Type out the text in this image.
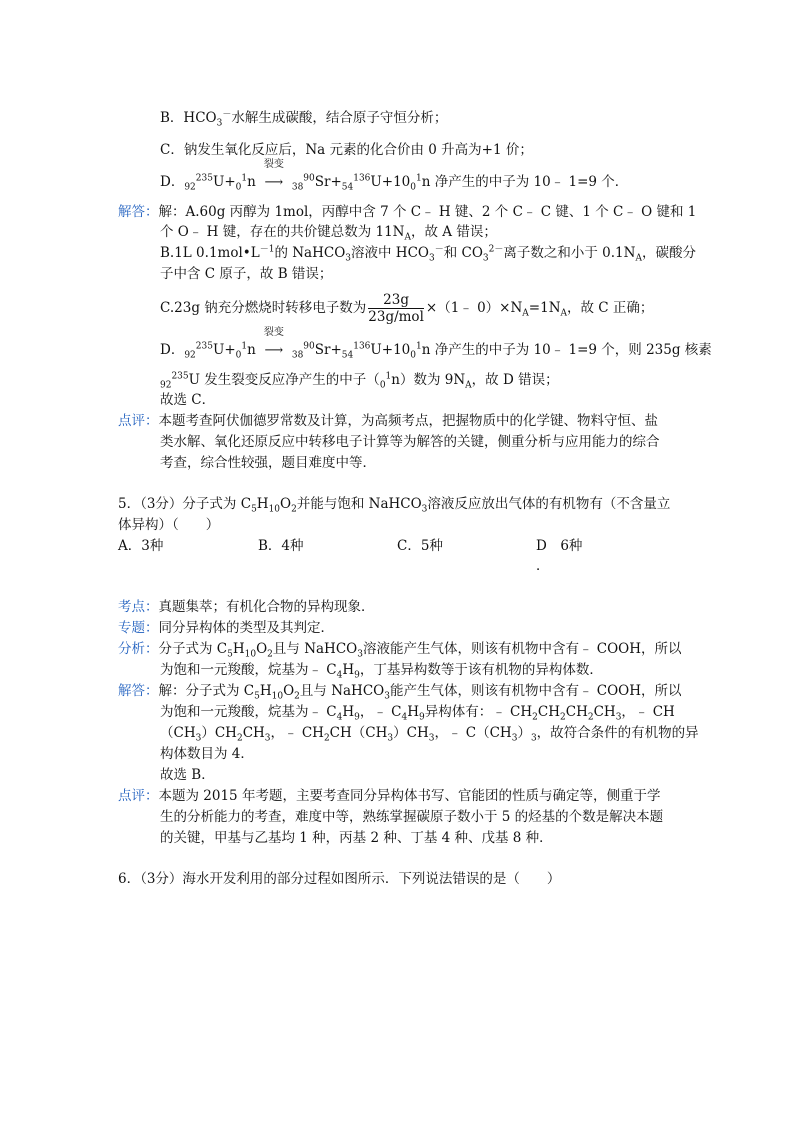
B．$HCO_3^-$水解生成碳酸，结合原子守恒分析；
C．钠发生氧化反应后，Na 元素的化合价由 0 升高为+1 价；
D．$_{92}^{235}U+_0^1n$
裂变
⟶ $_{38}^{90}Sr+_{54}^{136}U+10_0^1n$ 净产生的中子为 10﹣ 1=9 个．
解答：解：A.60g 丙醇为 1mol，丙醇中含 7 个 C﹣ H 键、2 个 C﹣ C 键、1 个 C﹣ O 键和 1
个 O﹣ H 键，存在的共价键总数为 $11N_A$，故 A 错误；
B.1L $0.1mol•L^{-1}$的 NaHCO$_3$溶液中 $HCO_3^-$和 $CO_3^{2-}$离子数之和小于 $0.1N_A$，碳酸分
子中含 C 原子，故 B 错误；
C.23g 钠充分燃烧时转移电子数为 $\frac{23g}{\text{23g/mol}}$ ×（1﹣ $0)\times N_A=1N_A$，故 C 正确；
D．$_{92}^{235}U+_0^1n$
裂变
⟶ $_{38}^{90}Sr+_{54}^{136}U+10_0^1n$ 净产生的中子为 10﹣ 1=9 个，则 235g 核素
$_{92}^{235}$U 发生裂变反应净产生的中子$(_0^1n)$数为 $9N_A$，故 D 错误；
故选 C．
点评：本题考查阿伏伽德罗常数及计算，为高频考点，把握物质中的化学键、物料守恒、盐
类水解、氧化还原反应中转移电子计算等为解答的关键，侧重分析与应用能力的综合
考查，综合性较强，题目难度中等．
5．（3分）分子式为 $C_5H_{10}O_2$并能与饱和 NaHCO$_3$溶液反应放出气体的有机物有（不含量立
体异构）（　　）
A．3种	B．4种	C．5种	D　6种
．
考点：真题集萃；有机化合物的异构现象．
专题：同分异构体的类型及其判定．
分析：分子式为 $C_5H_{10}O_2$且与 NaHCO$_3$溶液能产生气体，则该有机物中含有﹣ COOH，所以
为饱和一元羧酸，烷基为﹣ $C_4H_9$，丁基异构数等于该有机物的异构体数．
解答：解：分子式为 $C_5H_{10}O_2$且与 NaHCO$_3$能产生气体，则该有机物中含有﹣ COOH，所以
为饱和一元羧酸，烷基为﹣ $C_4H_9$，﹣ $C_4H_9$异构体有：﹣ $CH_2CH_2CH_2CH_3$，﹣ CH
$(CH_3)CH_2CH_3$，﹣ $CH_2CH(CH_3)CH_3$，﹣ $C(CH_3)_3$，故符合条件的有机物的异
构体数目为 4．
故选 B．
点评：本题为 2015 年考题，主要考查同分异构体书写、官能团的性质与确定等，侧重于学
生的分析能力的考查，难度中等，熟练掌握碳原子数小于 5 的烃基的个数是解决本题
的关键，甲基与乙基均 1 种，丙基 2 种、丁基 4 种、戊基 8 种．
6．（3分）海水开发利用的部分过程如图所示．下列说法错误的是（　　）
